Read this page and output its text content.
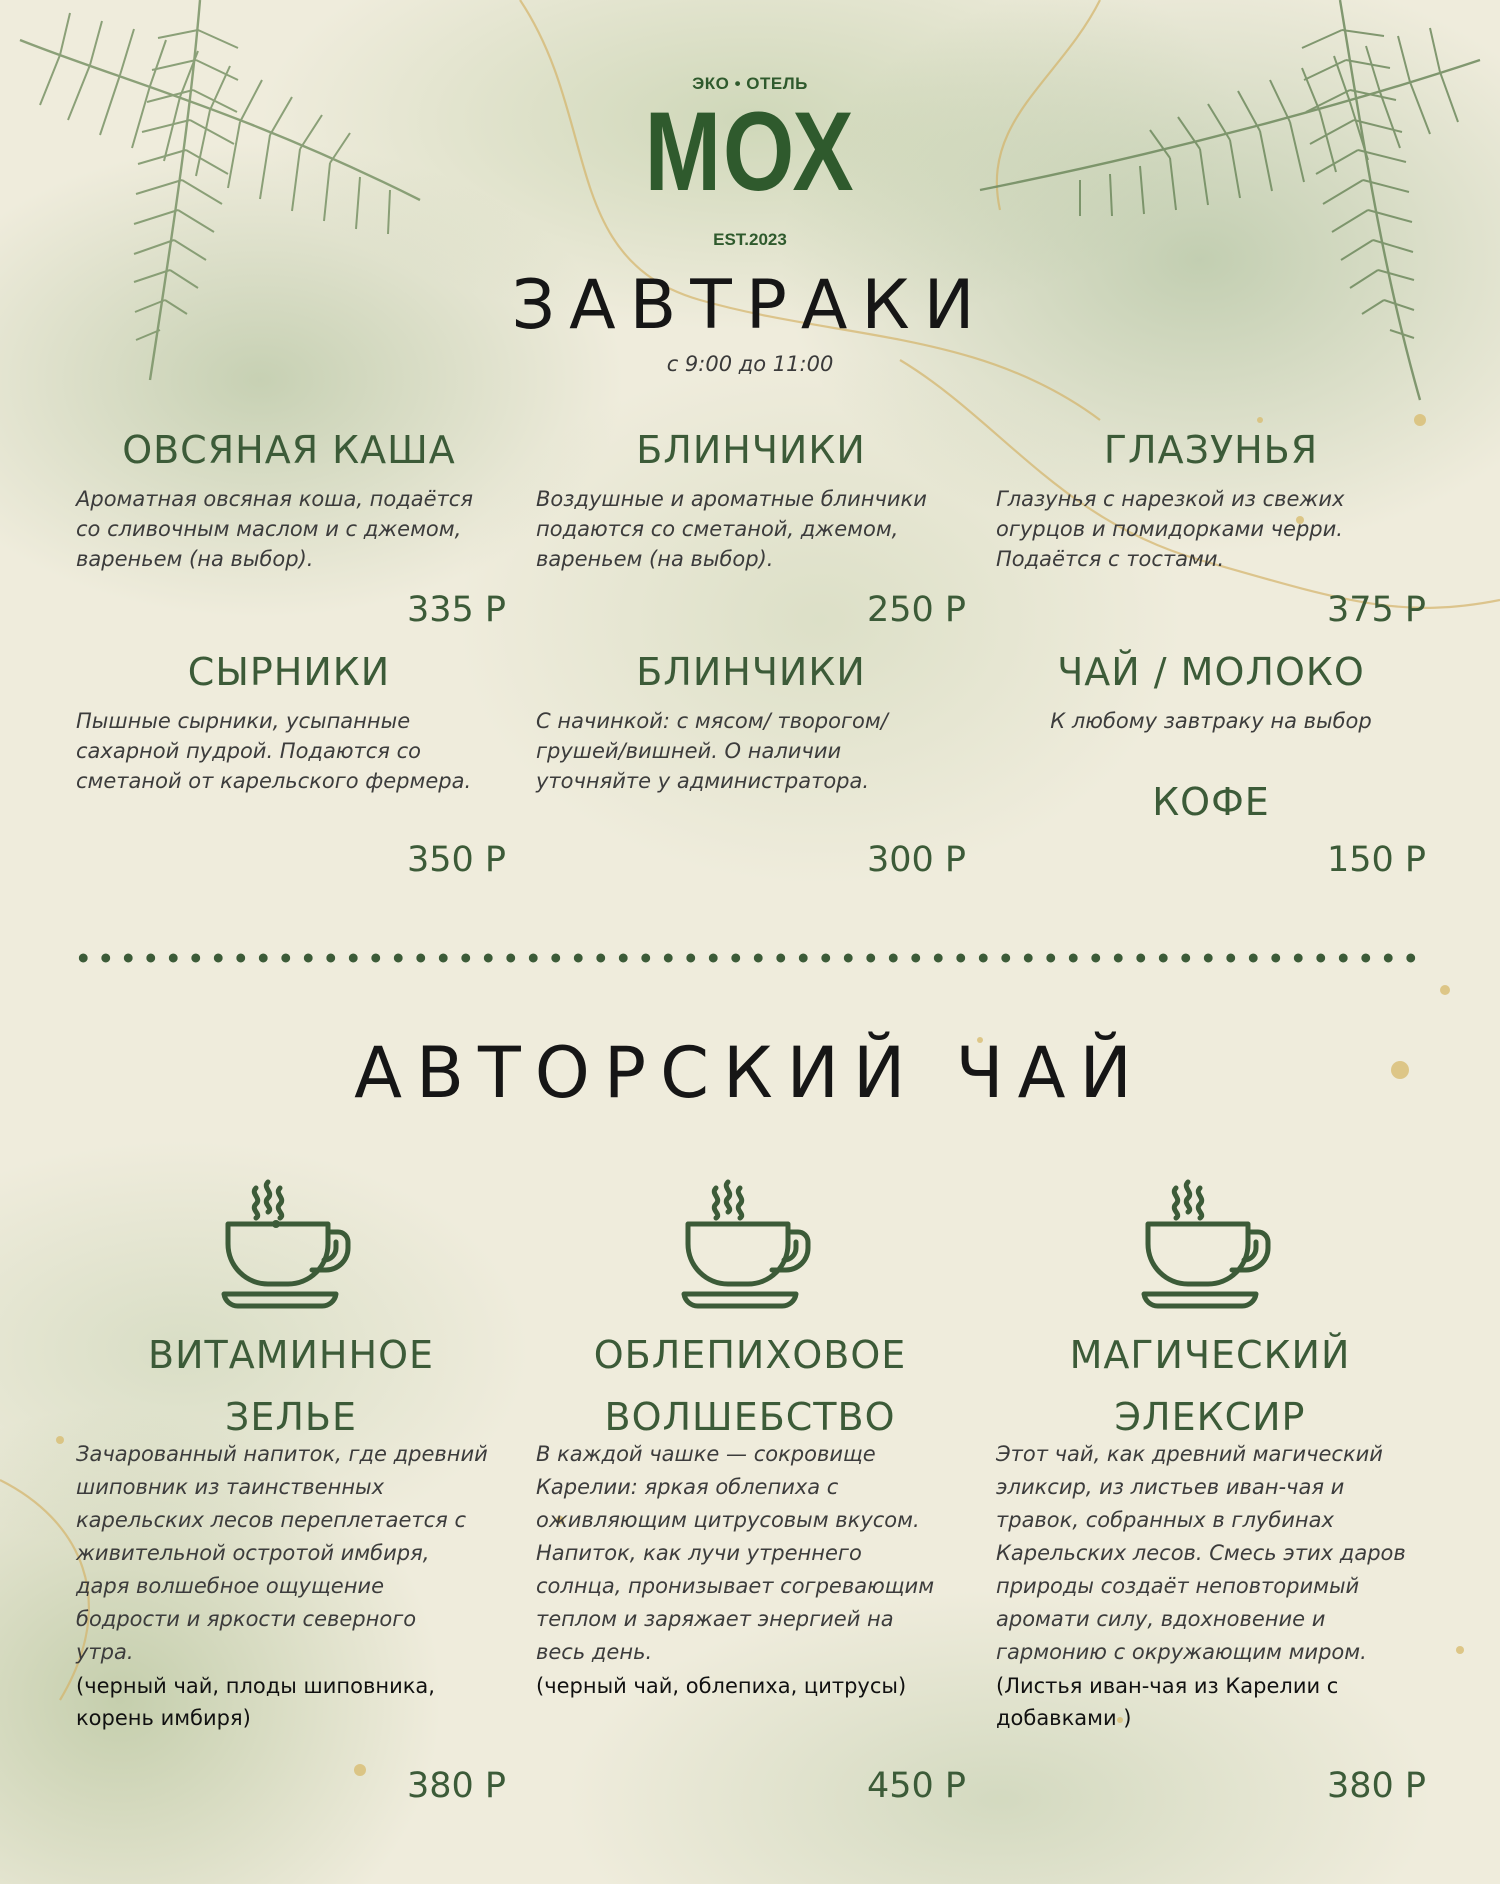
ЭКО • ОТЕЛЬ
МОХ
EST.2023
ЗАВТРАКИ
с 9:00 до 11:00
ОВСЯНАЯ КАША
Ароматная овсяная коша, подаётся
со сливочным маслом и с джемом,
вареньем (на выбор).
335 Р
БЛИНЧИКИ
Воздушные и ароматные блинчики
подаются со сметаной, джемом,
вареньем (на выбор).
250 Р
ГЛАЗУНЬЯ
Глазунья с нарезкой из свежих
огурцов и помидорками черри.
Подаётся с тостами.
375 Р
СЫРНИКИ
Пышные сырники, усыпанные
сахарной пудрой. Подаются со
сметаной от карельского фермера.
350 Р
БЛИНЧИКИ
С начинкой: с мясом/ творогом/
грушей/вишней. О наличии
уточняйте у администратора.
300 Р
ЧАЙ / МОЛОКО
К любому завтраку на выбор
КОФЕ
150 Р
АВТОРСКИЙ ЧАЙ
ВИТАМИННОЕ
ЗЕЛЬЕ
Зачарованный напиток, где древний
шиповник из таинственных
карельских лесов переплетается с
живительной остротой имбиря,
даря волшебное ощущение
бодрости и яркости северного
утра.
(черный чай, плоды шиповника,
корень имбиря)
380 Р
ОБЛЕПИХОВОЕ
ВОЛШЕБСТВО
В каждой чашке — сокровище
Карелии: яркая облепиха с
оживляющим цитрусовым вкусом.
Напиток, как лучи утреннего
солнца, пронизывает согревающим
теплом и заряжает энергией на
весь день.
(черный чай, облепиха, цитрусы)
450 Р
МАГИЧЕСКИЙ
ЭЛЕКСИР
Этот чай, как древний магический
эликсир, из листьев иван-чая и
травок, собранных в глубинах
Карельских лесов. Смесь этих даров
природы создаёт неповторимый
аромати силу, вдохновение и
гармонию с окружающим миром.
(Листья иван-чая из Карелии с
добавками )
380 Р
